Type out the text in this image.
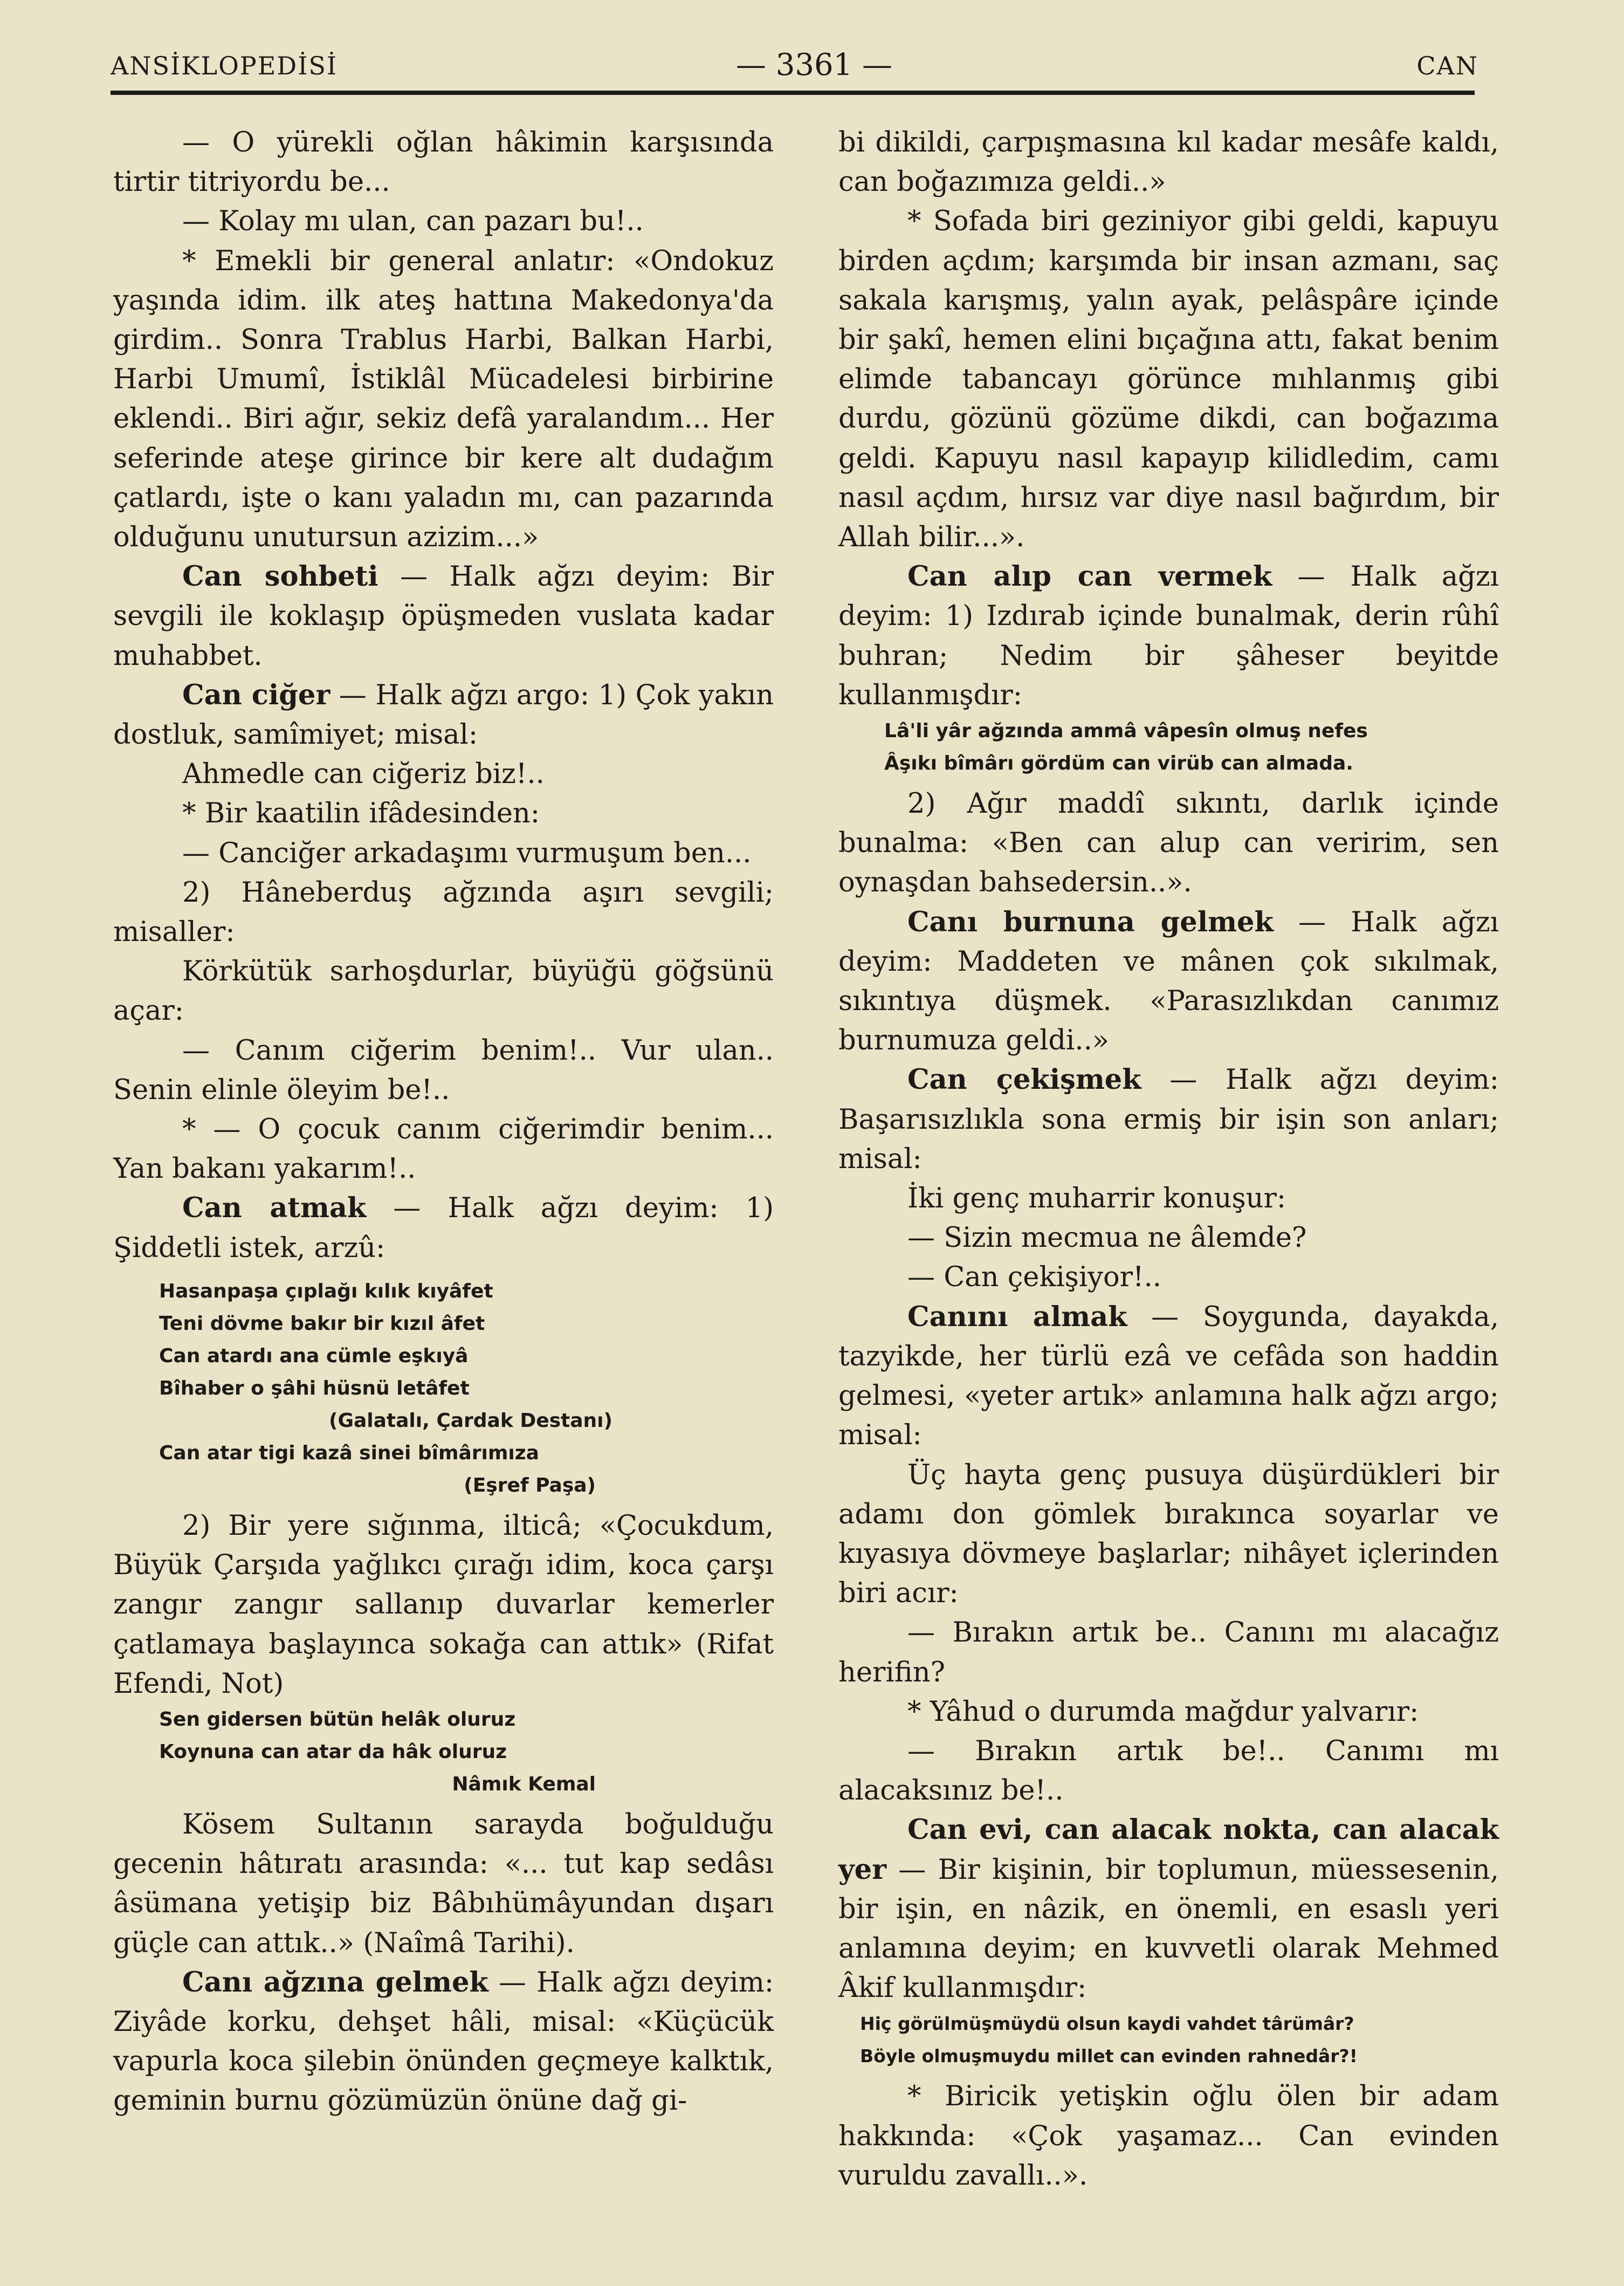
ANSİKLOPEDİSİ	— 3361 —	CAN

— O yürekli oğlan hâkimin karşısında tirtir titriyordu be...

— Kolay mı ulan, can pazarı bu!..

* Emekli bir general anlatır: «Ondokuz yaşında idim. ilk ateş hattına Makedonya'da girdim.. Sonra Trablus Harbi, Balkan Harbi, Harbi Umumî, İstiklâl Mücadelesi birbirine eklendi.. Biri ağır, sekiz defâ yaralandım... Her seferinde ateşe girince bir kere alt dudağım çatlardı, işte o kanı yaladın mı, can pazarında olduğunu unutursun azizim...»

Can sohbeti — Halk ağzı deyim: Bir sevgili ile koklaşıp öpüşmeden vuslata kadar muhabbet.

Can ciğer — Halk ağzı argo: 1) Çok yakın dostluk, samîmiyet; misal:

Ahmedle can ciğeriz biz!..

* Bir kaatilin ifâdesinden:

— Canciğer arkadaşımı vurmuşum ben...

2) Hâneberduş ağzında aşırı sevgili; misaller:

Körkütük sarhoşdurlar, büyüğü göğsünü açar:

— Canım ciğerim benim!.. Vur ulan.. Senin elinle öleyim be!..

* — O çocuk canım ciğerimdir benim... Yan bakanı yakarım!..

Can atmak — Halk ağzı deyim: 1) Şiddetli istek, arzû:

Hasanpaşa çıplağı kılık kıyâfet

Teni dövme bakır bir kızıl âfet

Can atardı ana cümle eşkıyâ

Bîhaber o şâhi hüsnü letâfet

(Galatalı, Çardak Destanı)

Can atar tigi kazâ sinei bîmârımıza

(Eşref Paşa)

2) Bir yere sığınma, ilticâ; «Çocukdum, Büyük Çarşıda yağlıkcı çırağı idim, koca çarşı zangır zangır sallanıp duvarlar kemerler çatlamaya başlayınca sokağa can attık» (Rifat Efendi, Not)

Sen gidersen bütün helâk oluruz

Koynuna can atar da hâk oluruz

Nâmık Kemal

Kösem Sultanın sarayda boğulduğu gecenin hâtıratı arasında: «... tut kap sedâsı âsümana yetişip biz Bâbıhümâyundan dışarı güçle can attık..» (Naîmâ Tarihi).

Canı ağzına gelmek — Halk ağzı deyim: Ziyâde korku, dehşet hâli, misal: «Küçücük vapurla koca şilebin önünden geçmeye kalktık, geminin burnu gözümüzün önüne dağ gi-

bi dikildi, çarpışmasına kıl kadar mesâfe kaldı, can boğazımıza geldi..»

* Sofada biri geziniyor gibi geldi, kapuyu birden açdım; karşımda bir insan azmanı, saç sakala karışmış, yalın ayak, pelâspâre içinde bir şakî, hemen elini bıçağına attı, fakat benim elimde tabancayı görünce mıhlanmış gibi durdu, gözünü gözüme dikdi, can boğazıma geldi. Kapuyu nasıl kapayıp kilidledim, camı nasıl açdım, hırsız var diye nasıl bağırdım, bir Allah bilir...».

Can alıp can vermek — Halk ağzı deyim: 1) Izdırab içinde bunalmak, derin rûhî buhran; Nedim bir şâheser beyitde kullanmışdır:

Lâ'li yâr ağzında ammâ vâpesîn olmuş nefes

Âşıkı bîmârı gördüm can virüb can almada.

2) Ağır maddî sıkıntı, darlık içinde bunalma: «Ben can alup can veririm, sen oynaşdan bahsedersin..».

Canı burnuna gelmek — Halk ağzı deyim: Maddeten ve mânen çok sıkılmak, sıkıntıya düşmek. «Parasızlıkdan canımız burnumuza geldi..»

Can çekişmek — Halk ağzı deyim: Başarısızlıkla sona ermiş bir işin son anları; misal:

İki genç muharrir konuşur:

— Sizin mecmua ne âlemde?

— Can çekişiyor!..

Canını almak — Soygunda, dayakda, tazyikde, her türlü ezâ ve cefâda son haddin gelmesi, «yeter artık» anlamına halk ağzı argo; misal:

Üç hayta genç pusuya düşürdükleri bir adamı don gömlek bırakınca soyarlar ve kıyasıya dövmeye başlarlar; nihâyet içlerinden biri acır:

— Bırakın artık be.. Canını mı alacağız herifin?

* Yâhud o durumda mağdur yalvarır:

— Bırakın artık be!.. Canımı mı alacaksınız be!..

Can evi, can alacak nokta, can alacak yer — Bir kişinin, bir toplumun, müessesenin, bir işin, en nâzik, en önemli, en esaslı yeri anlamına deyim; en kuvvetli olarak Mehmed Âkif kullanmışdır:

Hiç görülmüşmüydü olsun kaydi vahdet târümâr?

Böyle olmuşmuydu millet can evinden rahnedâr?!

* Biricik yetişkin oğlu ölen bir adam hakkında: «Çok yaşamaz... Can evinden vuruldu zavallı..».
